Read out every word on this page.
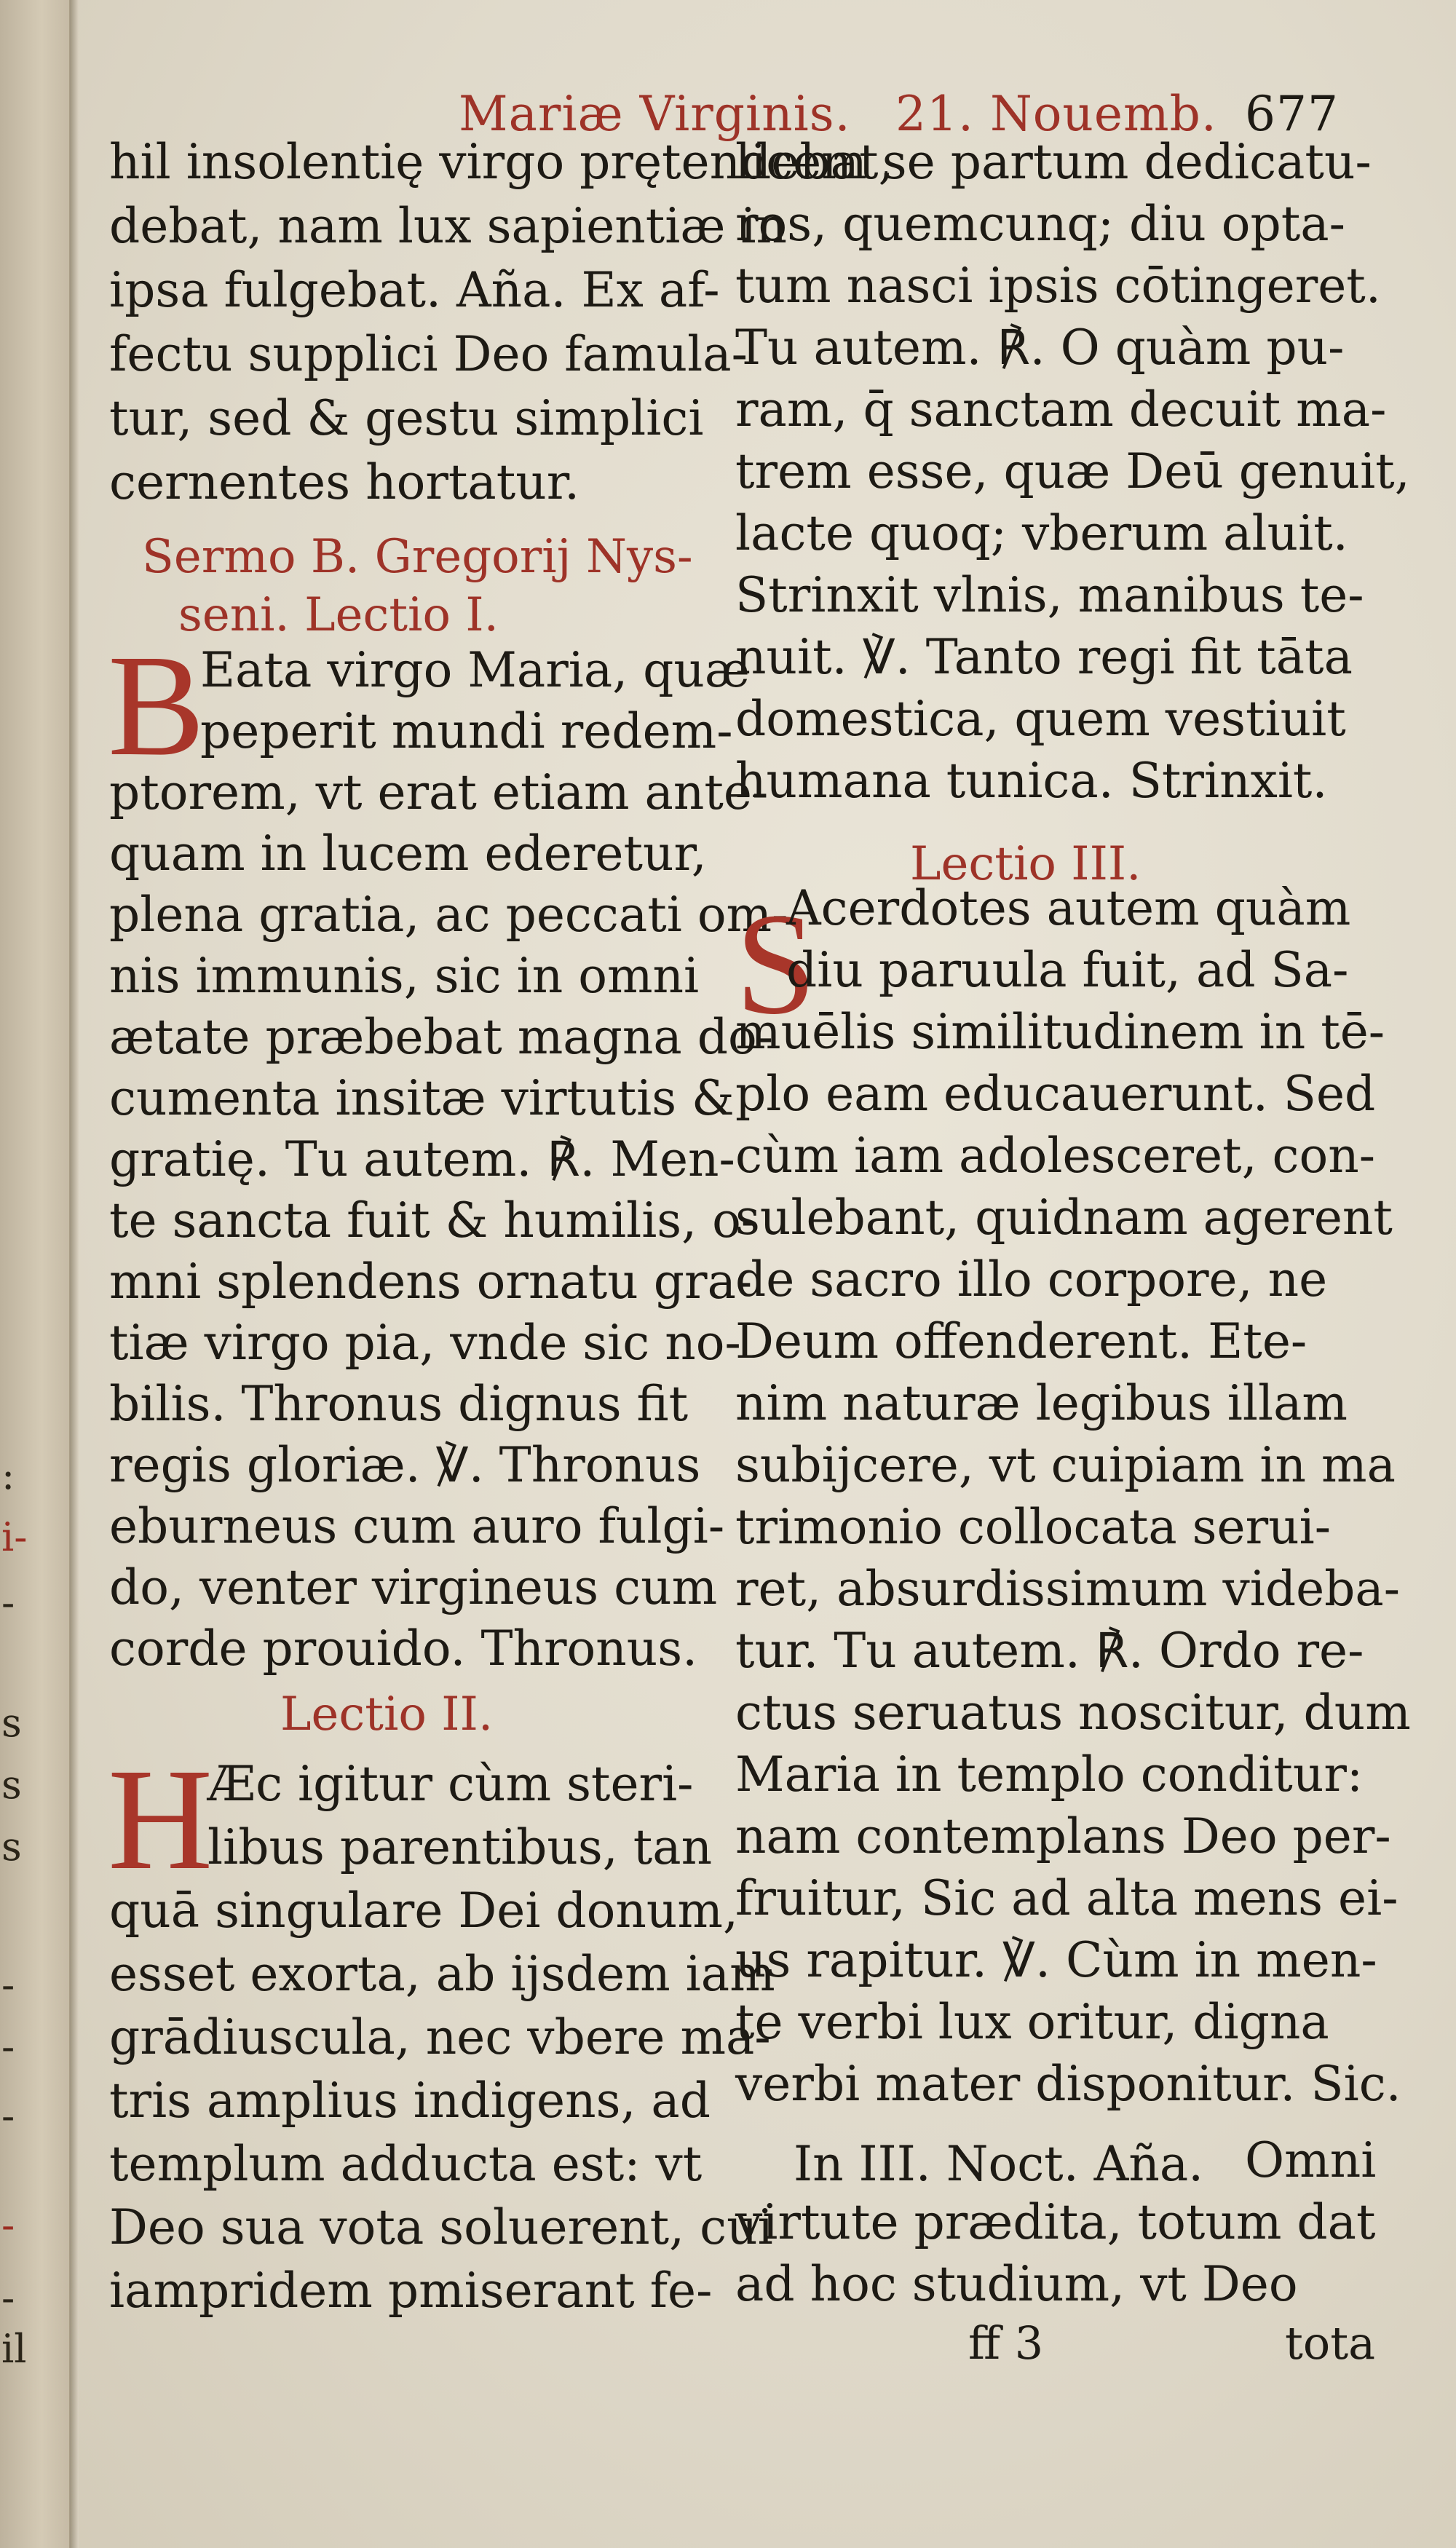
:
i-
-
s
s
s
-
-
-
-
-
il
Mariæ Virginis. 21. Nouemb. 677
hil insolentię virgo prętendebat,
debat, nam lux sapientiæ in
ipsa fulgebat. Aña. Ex af-
fectu supplici Deo famula-
tur, sed & gestu simplici
cernentes hortatur.
Sermo B. Gregorij Nys-
seni. Lectio I.
B
Eata virgo Maria, quæ
peperit mundi redem-
ptorem, vt erat etiam ante-
quam in lucem ederetur,
plena gratia, ac peccati om-
nis immunis, sic in omni
ætate præbebat magna do-
cumenta insitæ virtutis &
gratię. Tu autem. ℟. Men-
te sancta fuit & humilis, o-
mni splendens ornatu gra-
tiæ virgo pia, vnde sic no-
bilis. Thronus dignus fit
regis gloriæ. ℣. Thronus
eburneus cum auro fulgi-
do, venter virgineus cum
corde prouido. Thronus.
Lectio II.
H
Æc igitur cùm steri-
libus parentibus, tan
quā singulare Dei donum,
esset exorta, ab ijsdem iam
grādiuscula, nec vbere ma-
tris amplius indigens, ad
templum adducta est: vt
Deo sua vota soluerent, cui
iampridem pmiserant fe-
licem se partum dedicatu-
ros, quemcunq; diu opta-
tum nasci ipsis cōtingeret.
Tu autem. ℟. O quàm pu-
ram, q̄ sanctam decuit ma-
trem esse, quæ Deū genuit,
lacte quoq; vberum aluit.
Strinxit vlnis, manibus te-
nuit. ℣. Tanto regi fit tāta
domestica, quem vestiuit
humana tunica. Strinxit.
Lectio III.
S
Acerdotes autem quàm
diu paruula fuit, ad Sa-
muēlis similitudinem in tē-
plo eam educauerunt. Sed
cùm iam adolesceret, con-
sulebant, quidnam agerent
de sacro illo corpore, ne
Deum offenderent. Ete-
nim naturæ legibus illam
subijcere, vt cuipiam in ma
trimonio collocata serui-
ret, absurdissimum videba-
tur. Tu autem. ℟. Ordo re-
ctus seruatus noscitur, dum
Maria in templo conditur:
nam contemplans Deo per-
fruitur, Sic ad alta mens ei-
us rapitur. ℣. Cùm in men-
te verbi lux oritur, digna
verbi mater disponitur. Sic.
In III. Noct. Aña. Omni
virtute prædita, totum dat
ad hoc studium, vt Deo
ff 3	tota
